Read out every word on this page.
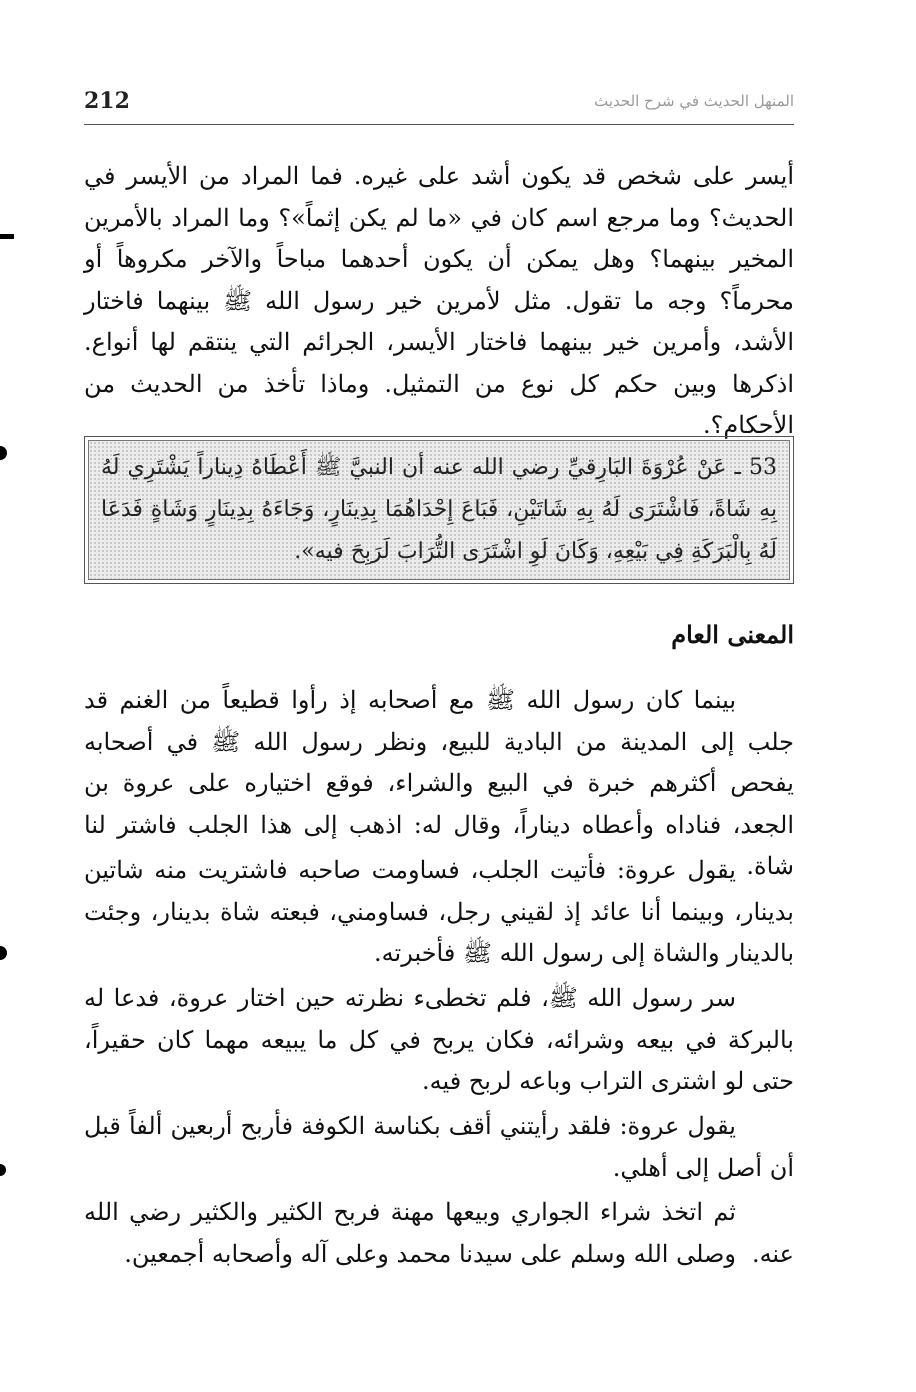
212	المنهل الحديث في شرح الحديث

أيسر على شخص قد يكون أشد على غيره. فما المراد من الأيسر في الحديث؟ وما مرجع اسم كان في «ما لم يكن إثماً»؟ وما المراد بالأمرين المخير بينهما؟ وهل يمكن أن يكون أحدهما مباحاً والآخر مكروهاً أو محرماً؟ وجه ما تقول. مثل لأمرين خير رسول الله ﷺ بينهما فاختار الأشد، وأمرين خير بينهما فاختار الأيسر، الجرائم التي ينتقم لها أنواع. اذكرها وبين حكم كل نوع من التمثيل. وماذا تأخذ من الحديث من الأحكام؟.

53 ـ عَنْ عُرْوَةَ البَارِقيِّ رضي الله عنه أن النبيَّ ﷺ أَعْطَاهُ دِيناراً يَشْتَرِي لَهُ بِهِ شَاةً، فَاشْتَرَى لَهُ بِهِ شَاتَيْنِ، فَبَاعَ إِحْدَاهُمَا بِدِينَارٍ، وَجَاءَهُ بِدِينَارٍ وَشَاةٍ فَدَعَا لَهُ بِالْبَرَكَةِ فِي بَيْعِهِ، وَكَانَ لَوِ اشْتَرَى التُّرَابَ لَرَبِحَ فيه».

المعنى العام

بينما كان رسول الله ﷺ مع أصحابه إذ رأوا قطيعاً من الغنم قد جلب إلى المدينة من البادية للبيع، ونظر رسول الله ﷺ في أصحابه يفحص أكثرهم خبرة في البيع والشراء، فوقع اختياره على عروة بن الجعد، فناداه وأعطاه ديناراً، وقال له: اذهب إلى هذا الجلب فاشتر لنا شاة.

يقول عروة: فأتيت الجلب، فساومت صاحبه فاشتريت منه شاتين بدينار، وبينما أنا عائد إذ لقيني رجل، فساومني، فبعته شاة بدينار، وجئت بالدينار والشاة إلى رسول الله ﷺ فأخبرته.

سر رسول الله ﷺ، فلم تخطىء نظرته حين اختار عروة، فدعا له بالبركة في بيعه وشرائه، فكان يربح في كل ما يبيعه مهما كان حقيراً، حتى لو اشترى التراب وباعه لربح فيه.

يقول عروة: فلقد رأيتني أقف بكناسة الكوفة فأربح أربعين ألفاً قبل أن أصل إلى أهلي.

ثم اتخذ شراء الجواري وبيعها مهنة فربح الكثير والكثير رضي الله عنه.

وصلى الله وسلم على سيدنا محمد وعلى آله وأصحابه أجمعين.
